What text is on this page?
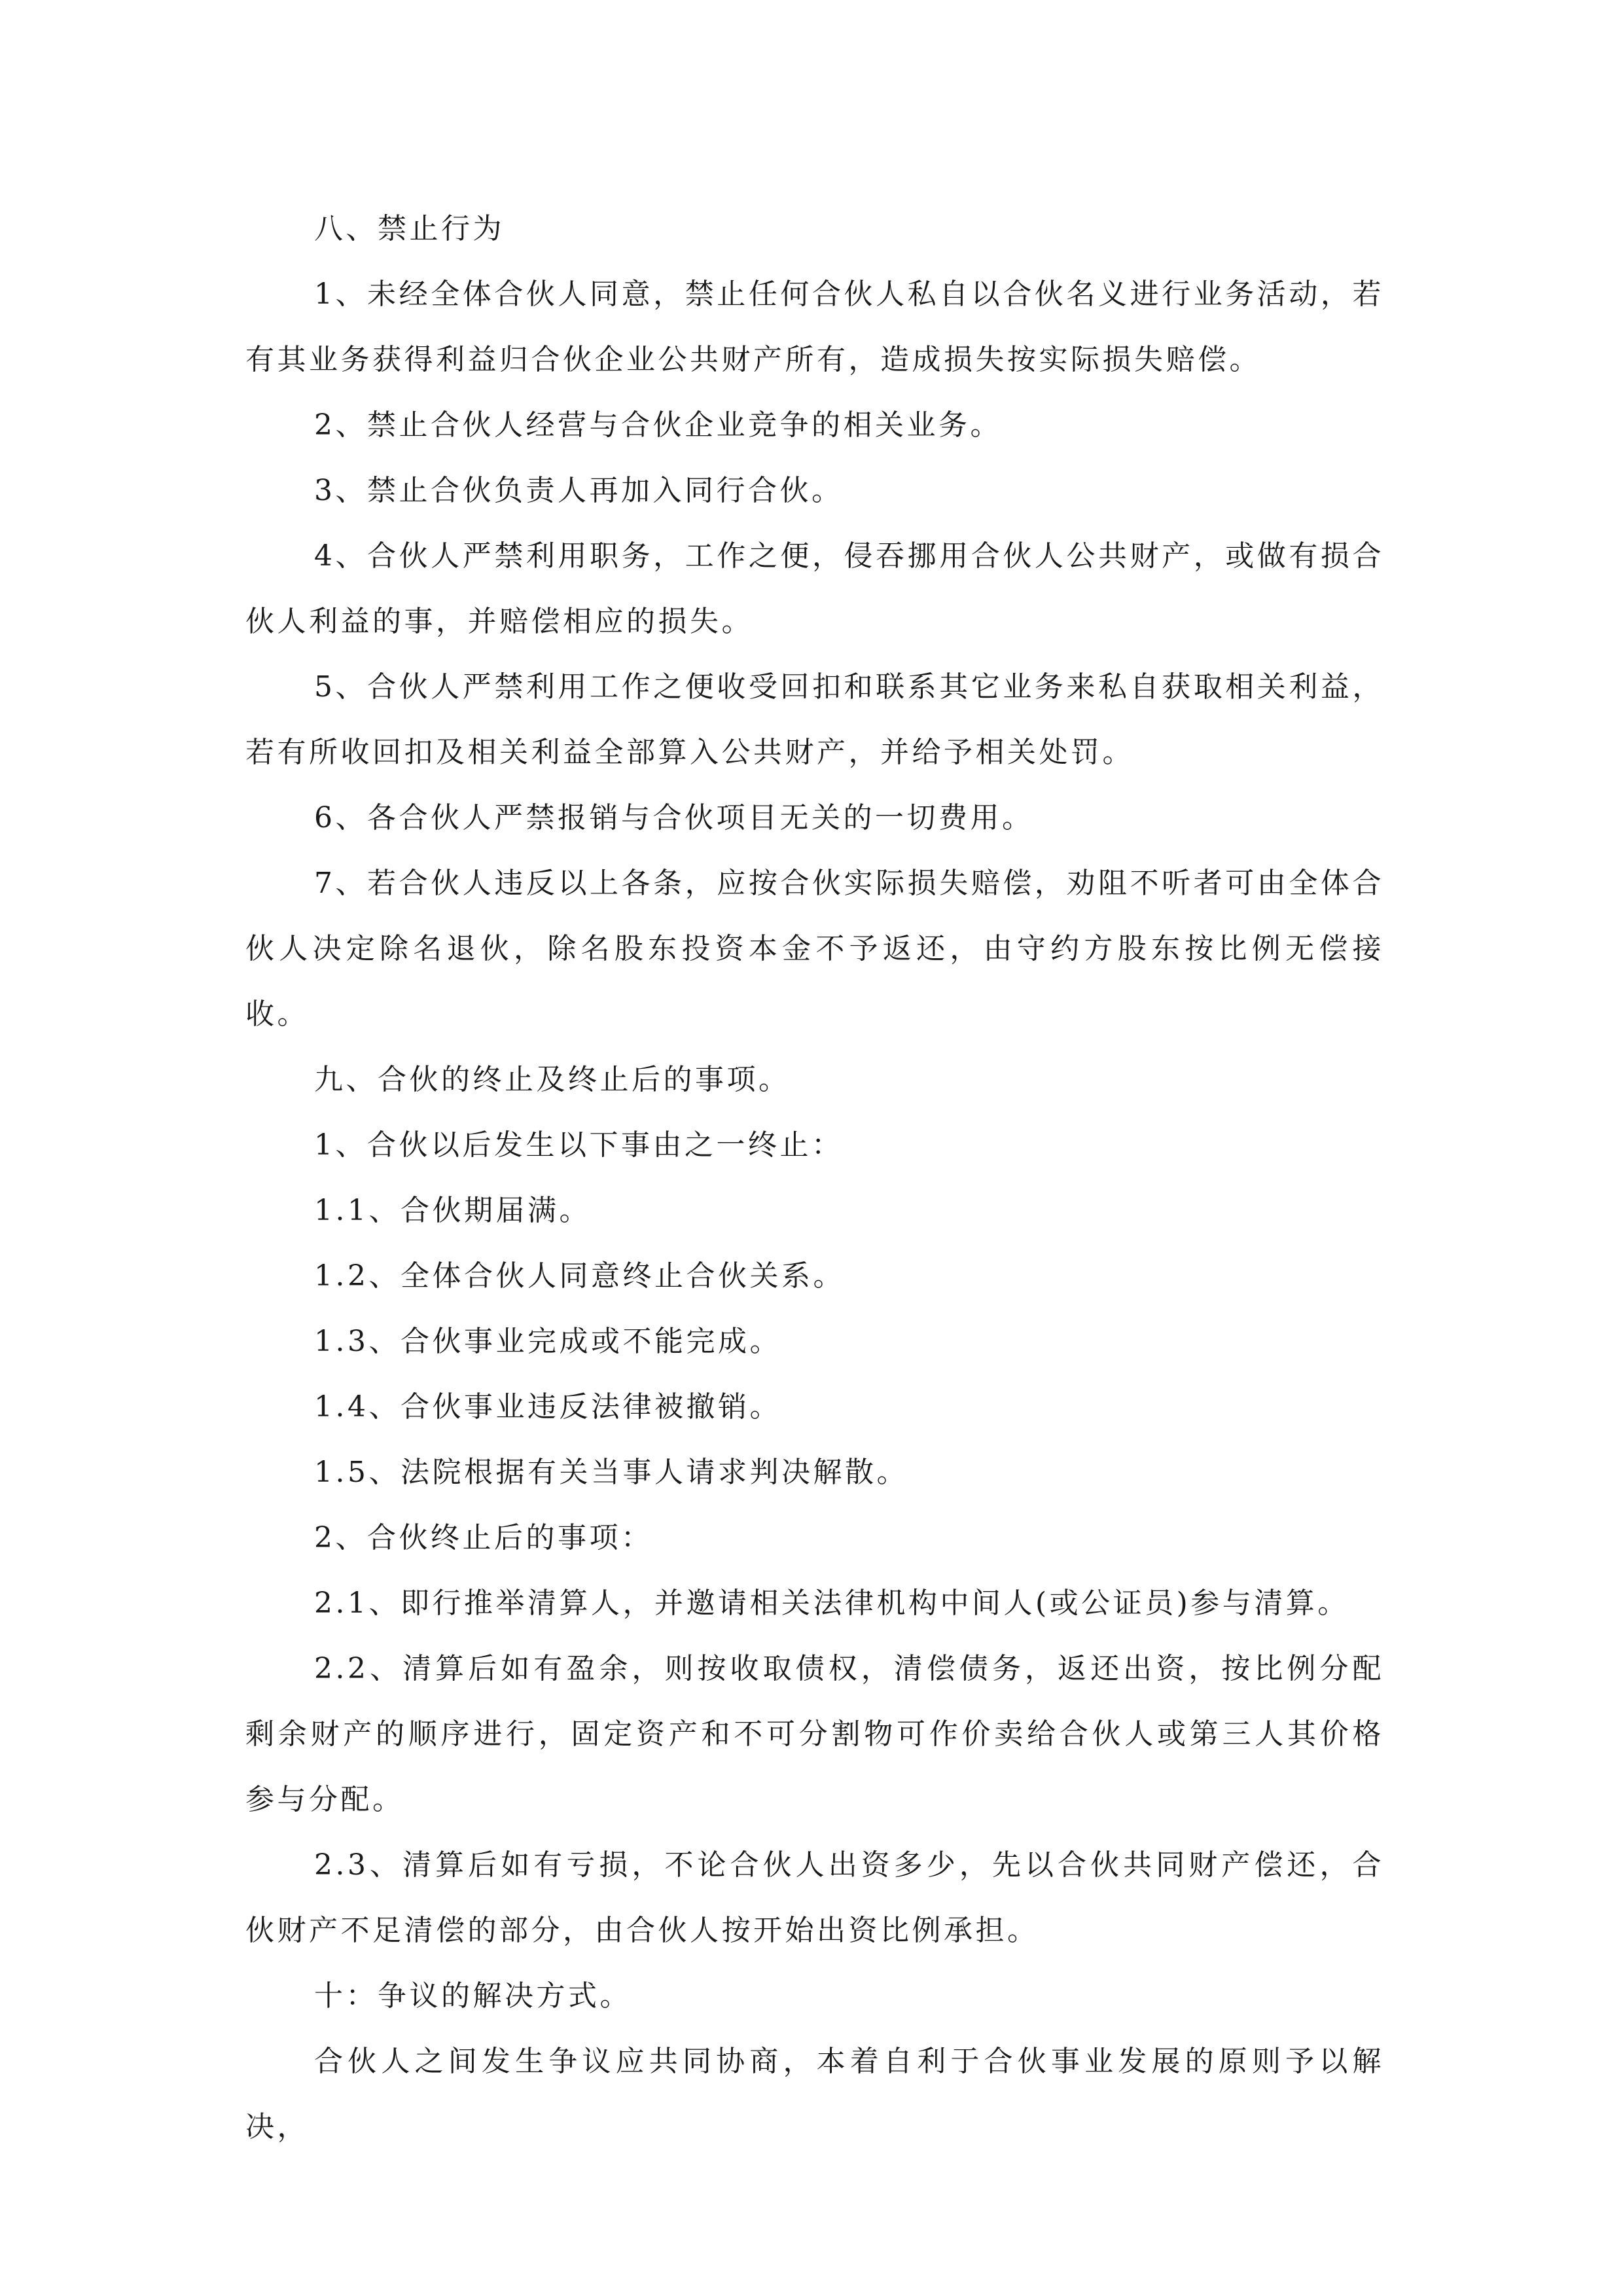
八、禁止行为

1、未经全体合伙人同意，禁止任何合伙人私自以合伙名义进行业务活动，若有其业务获得利益归合伙企业公共财产所有，造成损失按实际损失赔偿。

2、禁止合伙人经营与合伙企业竞争的相关业务。

3、禁止合伙负责人再加入同行合伙。

4、合伙人严禁利用职务，工作之便，侵吞挪用合伙人公共财产，或做有损合伙人利益的事，并赔偿相应的损失。

5、合伙人严禁利用工作之便收受回扣和联系其它业务来私自获取相关利益，若有所收回扣及相关利益全部算入公共财产，并给予相关处罚。

6、各合伙人严禁报销与合伙项目无关的一切费用。

7、若合伙人违反以上各条，应按合伙实际损失赔偿，劝阻不听者可由全体合伙人决定除名退伙，除名股东投资本金不予返还，由守约方股东按比例无偿接收。

九、合伙的终止及终止后的事项。

1、合伙以后发生以下事由之一终止：

1.1、合伙期届满。

1.2、全体合伙人同意终止合伙关系。

1.3、合伙事业完成或不能完成。

1.4、合伙事业违反法律被撤销。

1.5、法院根据有关当事人请求判决解散。

2、合伙终止后的事项：

2.1、即行推举清算人，并邀请相关法律机构中间人(或公证员)参与清算。

2.2、清算后如有盈余，则按收取债权，清偿债务，返还出资，按比例分配剩余财产的顺序进行，固定资产和不可分割物可作价卖给合伙人或第三人其价格参与分配。

2.3、清算后如有亏损，不论合伙人出资多少，先以合伙共同财产偿还，合伙财产不足清偿的部分，由合伙人按开始出资比例承担。

十：争议的解决方式。

合伙人之间发生争议应共同协商，本着自利于合伙事业发展的原则予以解决，
